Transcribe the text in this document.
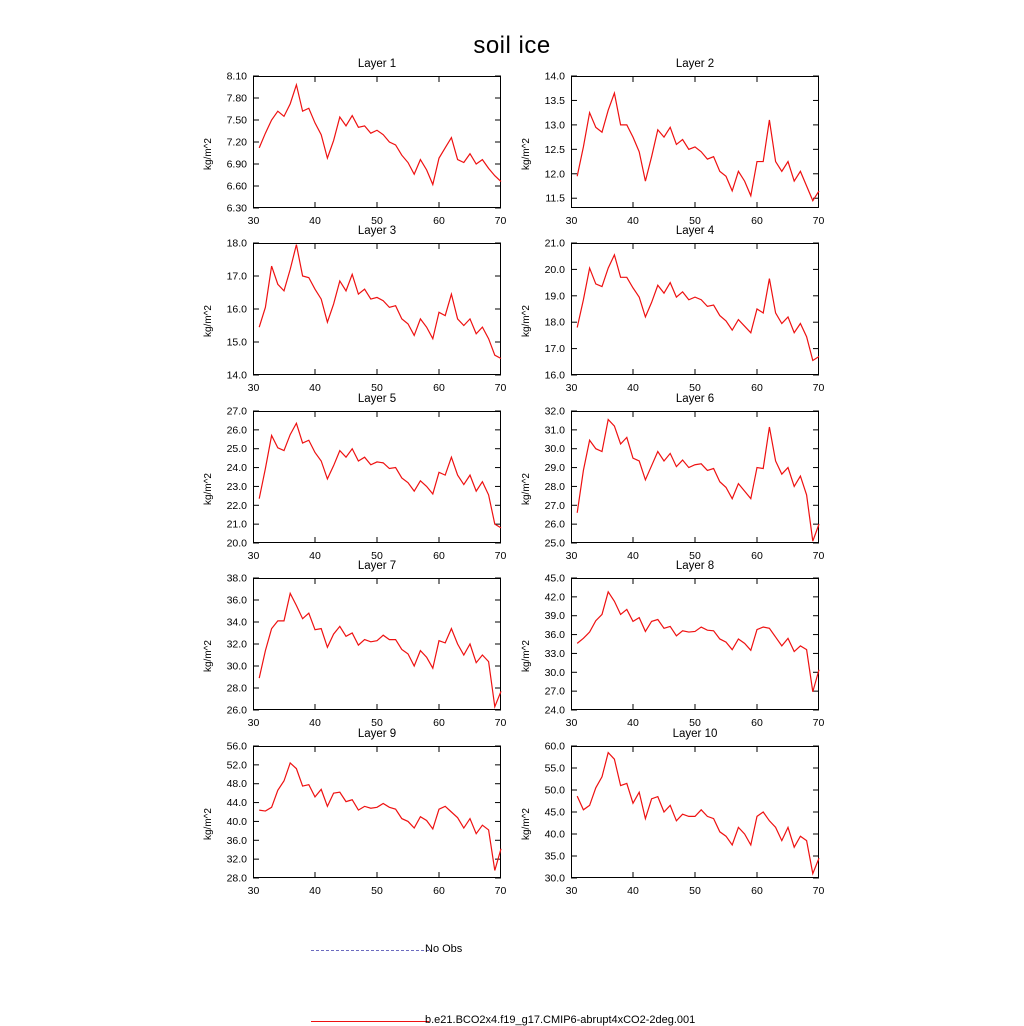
soil ice
Layer 1
kg/m^2
6.30
6.60
6.90
7.20
7.50
7.80
8.10
30	40	50	60	70
Layer 2
kg/m^2
11.5
12.0
12.5
13.0
13.5
14.0
30	40	50	60	70
Layer 3
kg/m^2
14.0
15.0
16.0
17.0
18.0
30	40	50	60	70
Layer 4
kg/m^2
16.0
17.0
18.0
19.0
20.0
21.0
30	40	50	60	70
Layer 5
kg/m^2
20.0
21.0
22.0
23.0
24.0
25.0
26.0
27.0
30	40	50	60	70
Layer 6
kg/m^2
25.0
26.0
27.0
28.0
29.0
30.0
31.0
32.0
30	40	50	60	70
Layer 7
kg/m^2
26.0
28.0
30.0
32.0
34.0
36.0
38.0
30	40	50	60	70
Layer 8
kg/m^2
24.0
27.0
30.0
33.0
36.0
39.0
42.0
45.0
30	40	50	60	70
Layer 9
kg/m^2
28.0
32.0
36.0
40.0
44.0
48.0
52.0
56.0
30	40	50	60	70
Layer 10
kg/m^2
30.0
35.0
40.0
45.0
50.0
55.0
60.0
30	40	50	60	70
No Obs
b.e21.BCO2x4.f19_g17.CMIP6-abrupt4xCO2-2deg.001
